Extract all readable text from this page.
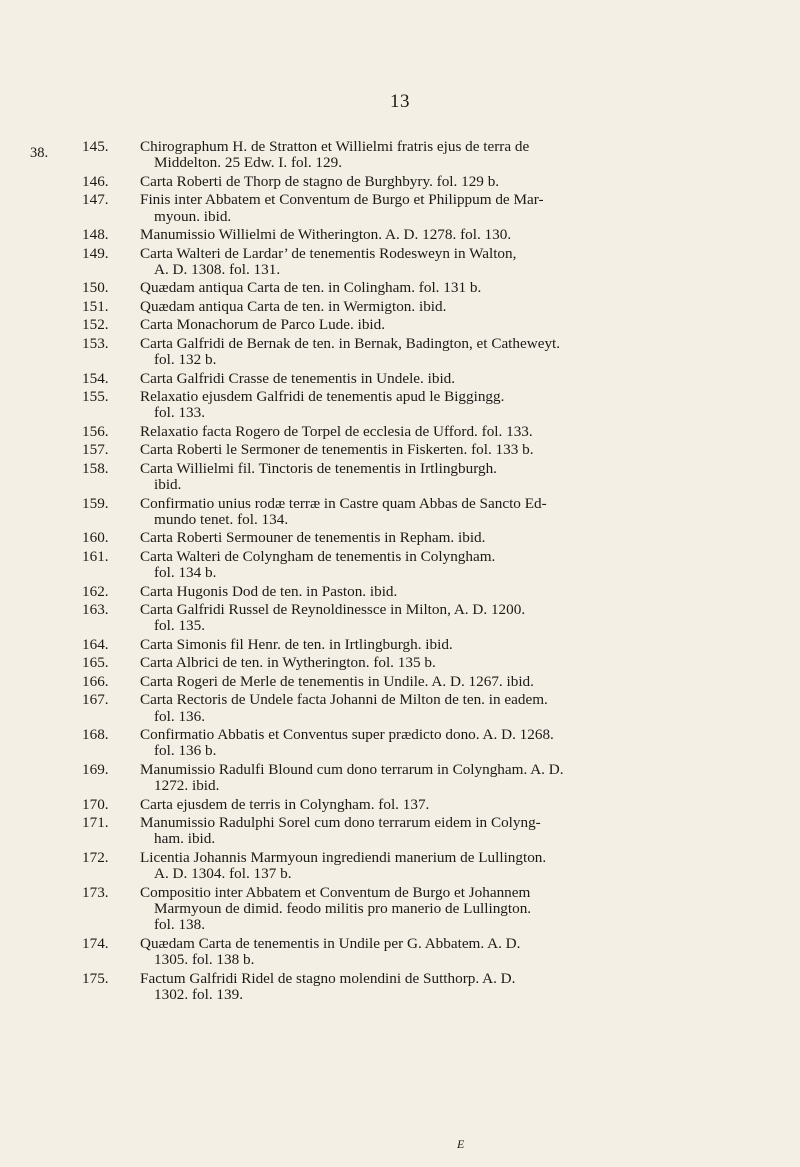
13
38. 145.	Chirographum H. de Stratton et Willielmi fratris ejus de terra de
Middelton. 25 Edw. I. fol. 129.
146.	Carta Roberti de Thorp de stagno de Burghbyry. fol. 129 b.
147.	Finis inter Abbatem et Conventum de Burgo et Philippum de Mar-
myoun. ibid.
148.	Manumissio Willielmi de Witherington. A. D. 1278. fol. 130.
149.	Carta Walteri de Lardar’ de tenementis Rodesweyn in Walton,
A. D. 1308. fol. 131.
150.	Quædam antiqua Carta de ten. in Colingham. fol. 131 b.
151.	Quædam antiqua Carta de ten. in Wermigton. ibid.
152.	Carta Monachorum de Parco Lude. ibid.
153.	Carta Galfridi de Bernak de ten. in Bernak, Badington, et Catheweyt.
fol. 132 b.
154.	Carta Galfridi Crasse de tenementis in Undele. ibid.
155.	Relaxatio ejusdem Galfridi de tenementis apud le Biggingg.
fol. 133.
156.	Relaxatio facta Rogero de Torpel de ecclesia de Ufford. fol. 133.
157.	Carta Roberti le Sermoner de tenementis in Fiskerten. fol. 133 b.
158.	Carta Willielmi fil. Tinctoris de tenementis in Irtlingburgh.
ibid.
159.	Confirmatio unius rodæ terræ in Castre quam Abbas de Sancto Ed-
mundo tenet. fol. 134.
160.	Carta Roberti Sermouner de tenementis in Repham. ibid.
161.	Carta Walteri de Colyngham de tenementis in Colyngham.
fol. 134 b.
162.	Carta Hugonis Dod de ten. in Paston. ibid.
163.	Carta Galfridi Russel de Reynoldinessce in Milton, A. D. 1200.
fol. 135.
164.	Carta Simonis fil Henr. de ten. in Irtlingburgh. ibid.
165.	Carta Albrici de ten. in Wytherington. fol. 135 b.
166.	Carta Rogeri de Merle de tenementis in Undile. A. D. 1267. ibid.
167.	Carta Rectoris de Undele facta Johanni de Milton de ten. in eadem.
fol. 136.
168.	Confirmatio Abbatis et Conventus super prædicto dono. A. D. 1268.
fol. 136 b.
169.	Manumissio Radulfi Blound cum dono terrarum in Colyngham. A. D.
1272. ibid.
170.	Carta ejusdem de terris in Colyngham. fol. 137.
171.	Manumissio Radulphi Sorel cum dono terrarum eidem in Colyng-
ham. ibid.
172.	Licentia Johannis Marmyoun ingrediendi manerium de Lullington.
A. D. 1304. fol. 137 b.
173.	Compositio inter Abbatem et Conventum de Burgo et Johannem
Marmyoun de dimid. feodo militis pro manerio de Lullington.
fol. 138.
174.	Quædam Carta de tenementis in Undile per G. Abbatem. A. D.
1305. fol. 138 b.
175.	Factum Galfridi Ridel de stagno molendini de Sutthorp. A. D.
1302. fol. 139.
E
